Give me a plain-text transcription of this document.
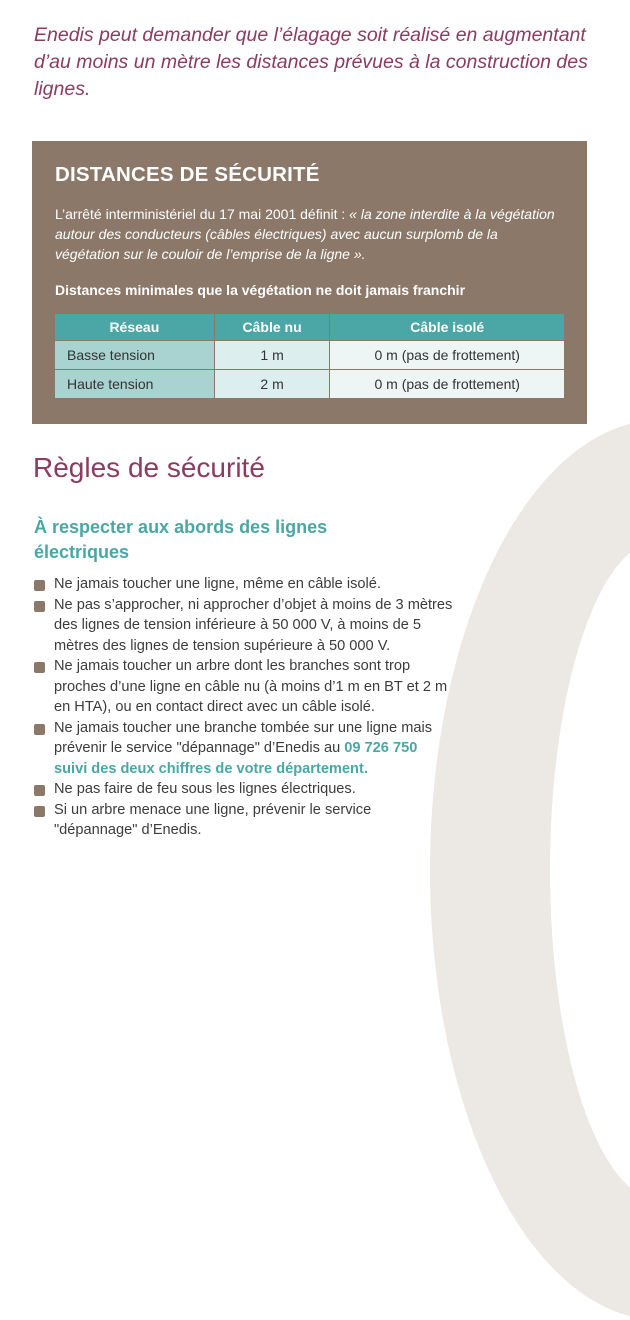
Enedis peut demander que l’élagage soit réalisé en augmentant d’au moins un mètre les distances prévues à la construction des lignes.

DISTANCES DE SÉCURITÉ

L’arrêté interministériel du 17 mai 2001 définit : « la zone interdite à la végétation autour des conducteurs (câbles électriques) avec aucun surplomb de la végétation sur le couloir de l’emprise de la ligne ».

Distances minimales que la végétation ne doit jamais franchir

Réseau	Câble nu	Câble isolé
Basse tension	1 m	0 m (pas de frottement)
Haute tension	2 m	0 m (pas de frottement)
Règles de sécurité
À respecter aux abords des lignes électriques
Ne jamais toucher une ligne, même en câble isolé.
Ne pas s’approcher, ni approcher d’objet à moins de 3 mètres des lignes de tension inférieure à 50 000 V, à moins de 5 mètres des lignes de tension supérieure à 50 000 V.
Ne jamais toucher un arbre dont les branches sont trop proches d’une ligne en câble nu (à moins d’1 m en BT et 2 m en HTA), ou en contact direct avec un câble isolé.
Ne jamais toucher une branche tombée sur une ligne mais prévenir le service "dépannage" d’Enedis au 09 726 750 suivi des deux chiffres de votre département.
Ne pas faire de feu sous les lignes électriques.
Si un arbre menace une ligne, prévenir le service "dépannage" d’Enedis.
